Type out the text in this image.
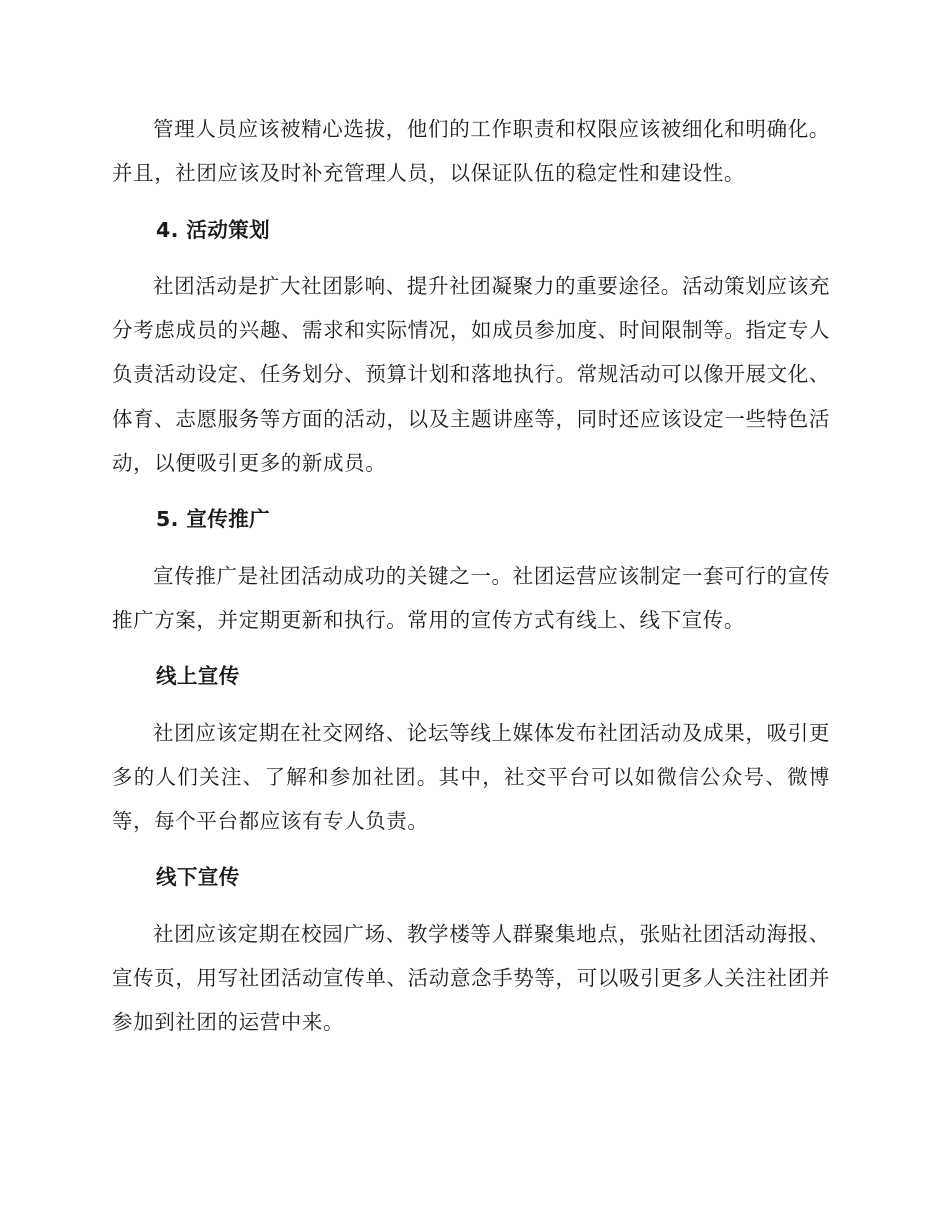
管理人员应该被精心选拔，他们的工作职责和权限应该被细化和明确化。并且，社团应该及时补充管理人员，以保证队伍的稳定性和建设性。

4. 活动策划

社团活动是扩大社团影响、提升社团凝聚力的重要途径。活动策划应该充分考虑成员的兴趣、需求和实际情况，如成员参加度、时间限制等。指定专人负责活动设定、任务划分、预算计划和落地执行。常规活动可以像开展文化、体育、志愿服务等方面的活动，以及主题讲座等，同时还应该设定一些特色活动，以便吸引更多的新成员。

5. 宣传推广

宣传推广是社团活动成功的关键之一。社团运营应该制定一套可行的宣传推广方案，并定期更新和执行。常用的宣传方式有线上、线下宣传。

线上宣传

社团应该定期在社交网络、论坛等线上媒体发布社团活动及成果，吸引更多的人们关注、了解和参加社团。其中，社交平台可以如微信公众号、微博等，每个平台都应该有专人负责。

线下宣传

社团应该定期在校园广场、教学楼等人群聚集地点，张贴社团活动海报、宣传页，用写社团活动宣传单、活动意念手势等，可以吸引更多人关注社团并参加到社团的运营中来。
